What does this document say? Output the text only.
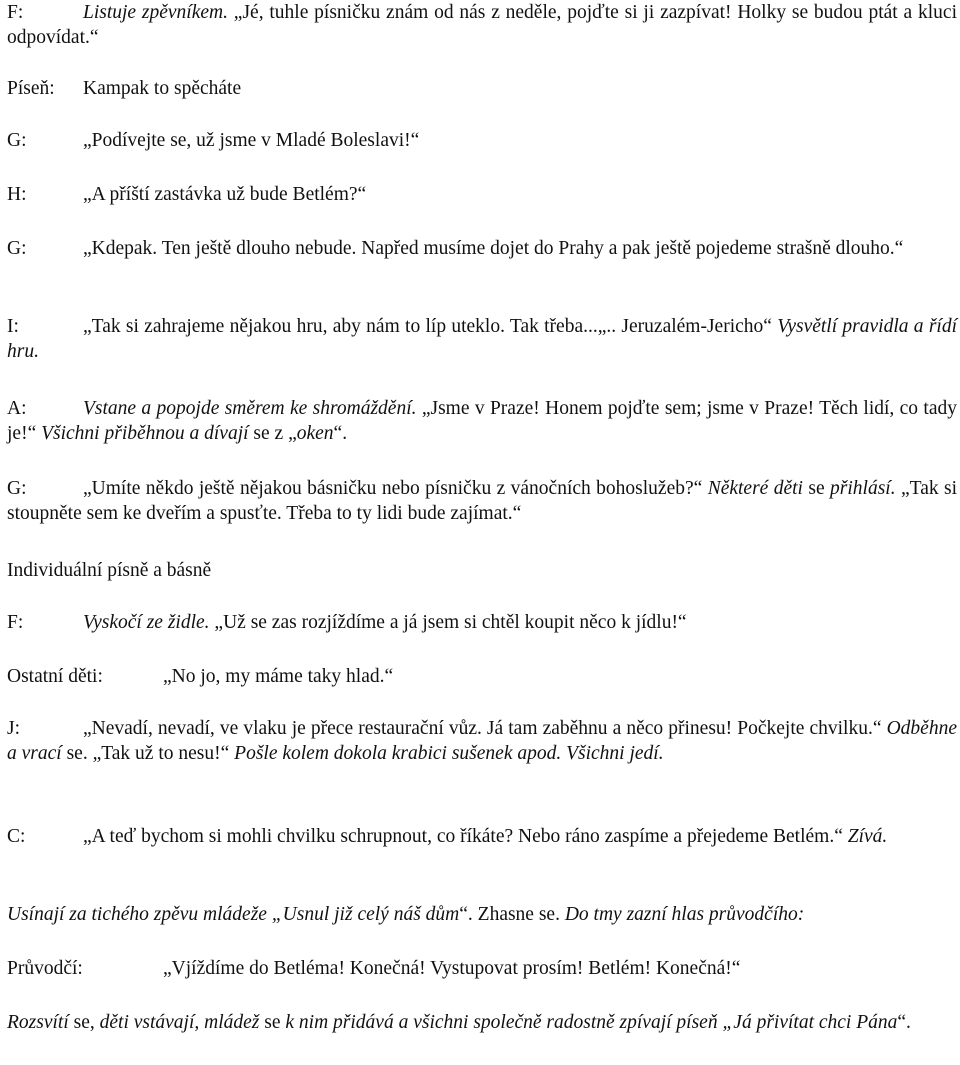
F:	Listuje zpěvníkem. „Jé, tuhle písničku znám od nás z neděle, pojďte si ji zazpívat! Holky se budou ptát a kluci odpovídat.“

Píseň: Kampak to spěcháte

G:	„Podívejte se, už jsme v Mladé Boleslavi!“

H:	„A příští zastávka už bude Betlém?“

G:	„Kdepak. Ten ještě dlouho nebude. Napřed musíme dojet do Prahy a pak ještě pojedeme strašně dlouho.“

I:	„Tak si zahrajeme nějakou hru, aby nám to líp uteklo. Tak třeba...„.. Jeruzalém-Jericho“ Vysvětlí pravidla a řídí hru.

A:	Vstane a popojde směrem ke shromáždění. „Jsme v Praze! Honem pojďte sem; jsme v Praze! Těch lidí, co tady je!“ Všichni přiběhnou a dívají se z „oken“.

G:	„Umíte někdo ještě nějakou básničku nebo písničku z vánočních bohoslužeb?“ Některé děti se přihlásí. „Tak si stoupněte sem ke dveřím a spusťte. Třeba to ty lidi bude zajímat.“

Individuální písně a básně

F:	Vyskočí ze židle. „Už se zas rozjíždíme a já jsem si chtěl koupit něco k jídlu!“

Ostatní děti:	„No jo, my máme taky hlad.“

J:	„Nevadí, nevadí, ve vlaku je přece restaurační vůz. Já tam zaběhnu a něco přinesu! Počkejte chvilku.“ Odběhne a vrací se. „Tak už to nesu!“ Pošle kolem dokola krabici sušenek apod. Všichni jedí.

C:	„A teď bychom si mohli chvilku schrupnout, co říkáte? Nebo ráno zaspíme a přejedeme Betlém.“ Zívá.

Usínají za tichého zpěvu mládeže „Usnul již celý náš dům“. Zhasne se. Do tmy zazní hlas průvodčího:

Průvodčí:	„Vjíždíme do Betléma! Konečná! Vystupovat prosím! Betlém! Konečná!“

Rozsvítí se, děti vstávají, mládež se k nim přidává a všichni společně radostně zpívají píseň „Já přivítat chci Pána“.
